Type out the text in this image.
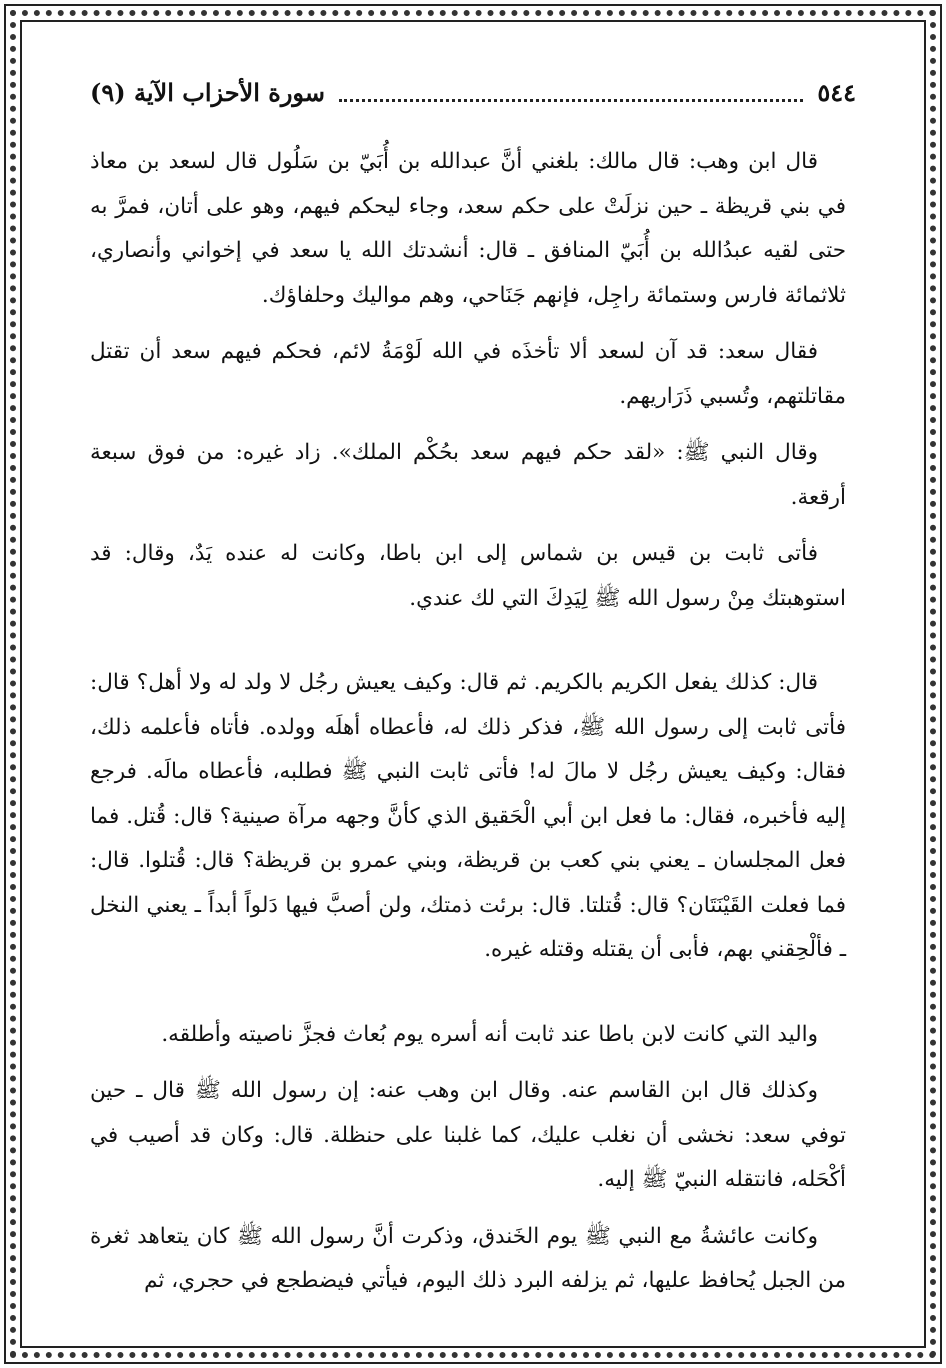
٥٤٤
سورة الأحزاب الآية (٩)

قال ابن وهب: قال مالك: بلغني أنَّ عبدالله بن أُبَيّ بن سَلُول قال لسعد بن معاذ في بني قريظة ـ حين نزلَتْ على حكم سعد، وجاء ليحكم فيهم، وهو على أتان، فمرَّ به حتى لقيه عبدُالله بن أُبَيّ المنافق ـ قال: أنشدتك الله يا سعد في إخواني وأنصاري، ثلاثمائة فارس وستمائة راجِل، فإنهم جَنَاحي، وهم مواليك وحلفاؤك.

فقال سعد: قد آن لسعد ألا تأخذَه في الله لَوْمَةُ لائم، فحكم فيهم سعد أن تقتل مقاتلتهم، وتُسبي ذَرَاريهم.

وقال النبي ﷺ: «لقد حكم فيهم سعد بحُكْم الملك». زاد غيره: من فوق سبعة أرقعة.

فأتى ثابت بن قيس بن شماس إلى ابن باطا، وكانت له عنده يَدٌ، وقال: قد استوهبتك مِنْ رسول الله ﷺ لِيَدِكَ التي لك عندي.

قال: كذلك يفعل الكريم بالكريم. ثم قال: وكيف يعيش رجُل لا ولد له ولا أهل؟ قال: فأتى ثابت إلى رسول الله ﷺ، فذكر ذلك له، فأعطاه أهلَه وولده. فأتاه فأعلمه ذلك، فقال: وكيف يعيش رجُل لا مالَ له! فأتى ثابت النبي ﷺ فطلبه، فأعطاه مالَه. فرجع إليه فأخبره، فقال: ما فعل ابن أبي الْحَقيق الذي كأنَّ وجهه مرآة صينية؟ قال: قُتل. فما فعل المجلسان ـ يعني بني كعب بن قريظة، وبني عمرو بن قريظة؟ قال: قُتلوا. قال: فما فعلت القَيْنَتَان؟ قال: قُتلتا. قال: برئت ذمتك، ولن أصبَّ فيها دَلواً أبداً ـ يعني النخل ـ فألْحِقني بهم، فأبى أن يقتله وقتله غيره.

واليد التي كانت لابن باطا عند ثابت أنه أسره يوم بُعاث فجزَّ ناصيته وأطلقه.

وكذلك قال ابن القاسم عنه. وقال ابن وهب عنه: إن رسول الله ﷺ قال ـ حين توفي سعد: نخشى أن نغلب عليك، كما غلبنا على حنظلة. قال: وكان قد أصيب في أكْحَله، فانتقله النبيّ ﷺ إليه.

وكانت عائشةُ مع النبي ﷺ يوم الخَندق، وذكرت أنَّ رسول الله ﷺ كان يتعاهد ثغرة من الجبل يُحافظ عليها، ثم يزلفه البرد ذلك اليوم، فيأتي فيضطجع في حجري، ثم
